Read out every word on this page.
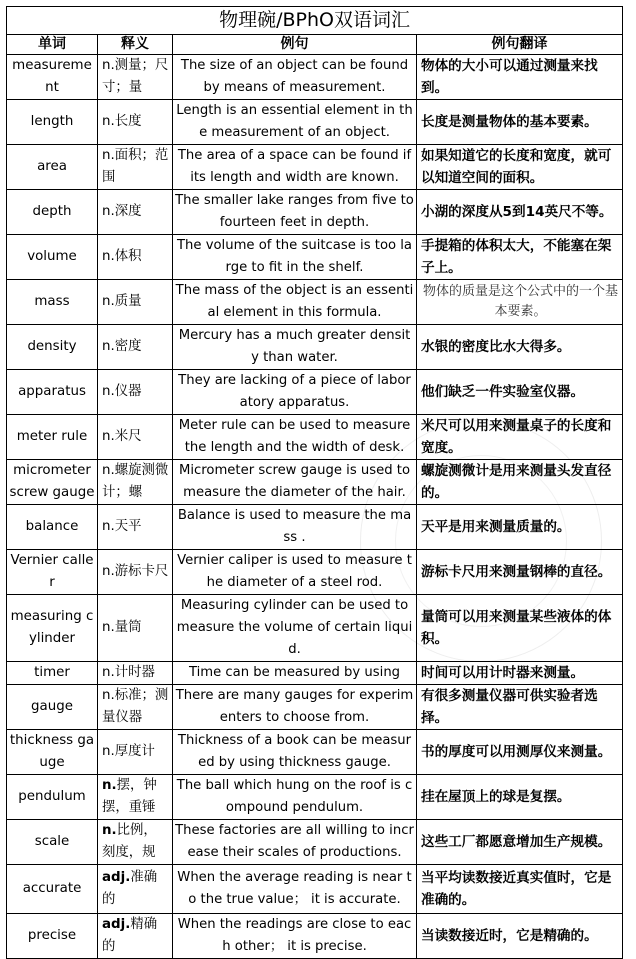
物理碗/BPhO双语词汇			
单词	释义	例句	例句翻译
measurement	n.测量；尺寸；量	The size of an object can be found by means of measurement.	物体的大小可以通过测量来找到。
length	n.长度	Length is an essential element in the measurement of an object.	长度是测量物体的基本要素。
area	n.面积；范围	The area of a space can be found if its length and width are known.	如果知道它的长度和宽度，就可以知道空间的面积。
depth	n.深度	The smaller lake ranges from five to fourteen feet in depth.	小湖的深度从5到14英尺不等。
volume	n.体积	The volume of the suitcase is too large to fit in the shelf.	手提箱的体积太大，不能塞在架子上。
mass	n.质量	The mass of the object is an essential element in this formula.	物体的质量是这个公式中的一个基本要素。
density	n.密度	Mercury has a much greater density than water.	水银的密度比水大得多。
apparatus	n.仪器	They are lacking of a piece of laboratory apparatus.	他们缺乏一件实验室仪器。
meter rule	n.米尺	Meter rule can be used to measure the length and the width of desk.	米尺可以用来测量桌子的长度和宽度。
micrometer screw gauge	n.螺旋测微计；螺	Micrometer screw gauge is used to measure the diameter of the hair.	螺旋测微计是用来测量头发直径的。
balance	n.天平	Balance is used to measure the mass .	天平是用来测量质量的。
Vernier caller	n.游标卡尺	Vernier caliper is used to measure the diameter of a steel rod.	游标卡尺用来测量钢棒的直径。
measuring cylinder	n.量筒	Measuring cylinder can be used to measure the volume of certain liquid.	量筒可以用来测量某些液体的体积。
timer	n.计时器	Time can be measured by using	时间可以用计时器来测量。
gauge	n.标准；测量仪器	There are many gauges for experimenters to choose from.	有很多测量仪器可供实验者选择。
thickness gauge	n.厚度计	Thickness of a book can be measured by using thickness gauge.	书的厚度可以用测厚仪来测量。
pendulum	n.摆，钟摆，重锤	The ball which hung on the roof is compound pendulum.	挂在屋顶上的球是复摆。
scale	n.比例，刻度，规	These factories are all willing to increase their scales of productions.	这些工厂都愿意增加生产规模。
accurate	adj.准确的	When the average reading is near to the true value； it is accurate.	当平均读数接近真实值时，它是准确的。
precise	adj.精确的	When the readings are close to each other； it is precise.	当读数接近时，它是精确的。
